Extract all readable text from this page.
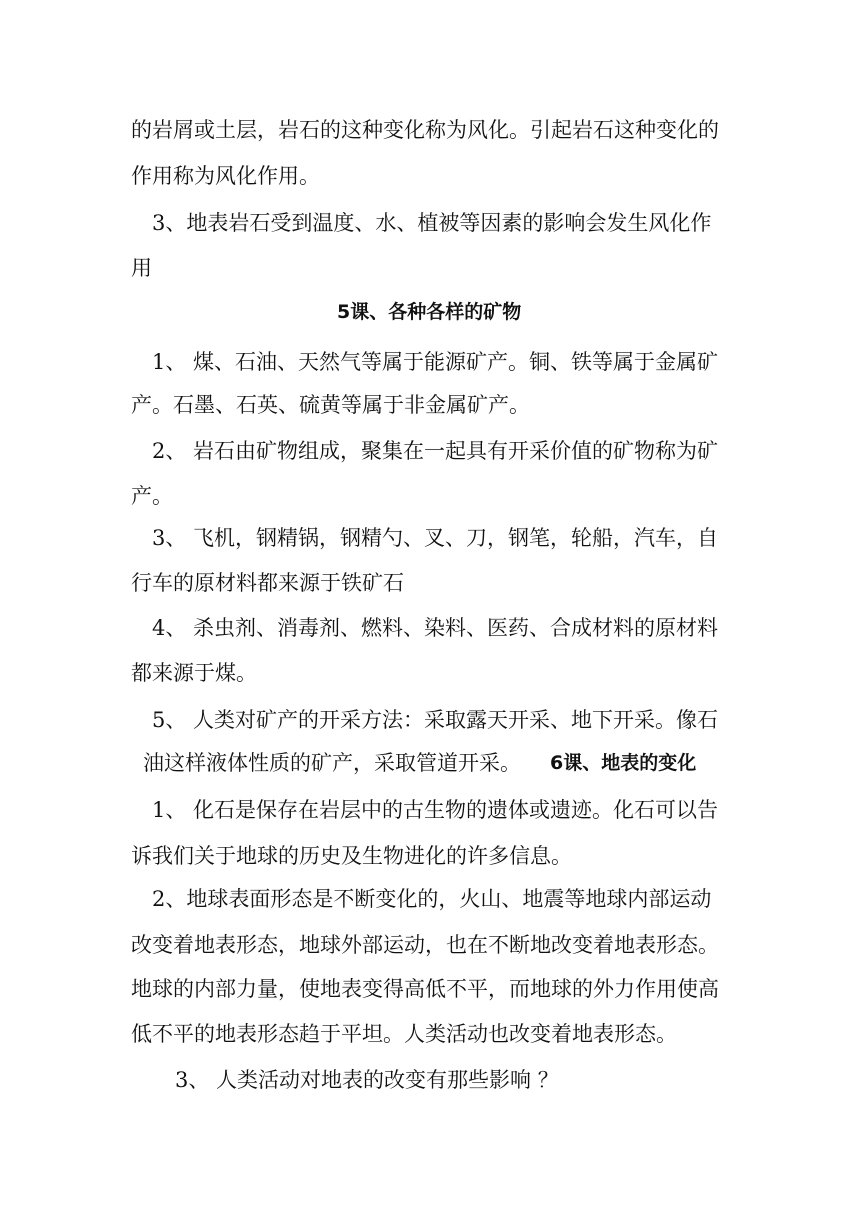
的岩屑或土层，岩石的这种变化称为风化。引起岩石这种变化的
作用称为风化作用。
3、地表岩石受到温度、水、植被等因素的影响会发生风化作
用
5课、各种各样的矿物
1、 煤、石油、天然气等属于能源矿产。铜、铁等属于金属矿
产。石墨、石英、硫黄等属于非金属矿产。
2、 岩石由矿物组成，聚集在一起具有开采价值的矿物称为矿
产。
3、 飞机，钢精锅，钢精勺、叉、刀，钢笔，轮船，汽车，自
行车的原材料都来源于铁矿石
4、 杀虫剂、消毒剂、燃料、染料、医药、合成材料的原材料
都来源于煤。
5、 人类对矿产的开采方法：采取露天开采、地下开采。像石
油这样液体性质的矿产，采取管道开采。 6课、地表的变化
1、 化石是保存在岩层中的古生物的遗体或遗迹。化石可以告
诉我们关于地球的历史及生物进化的许多信息。
2、地球表面形态是不断变化的，火山、地震等地球内部运动
改变着地表形态，地球外部运动，也在不断地改变着地表形态。
地球的内部力量，使地表变得高低不平，而地球的外力作用使高
低不平的地表形态趋于平坦。人类活动也改变着地表形态。
3、 人类活动对地表的改变有那些影响 ？
